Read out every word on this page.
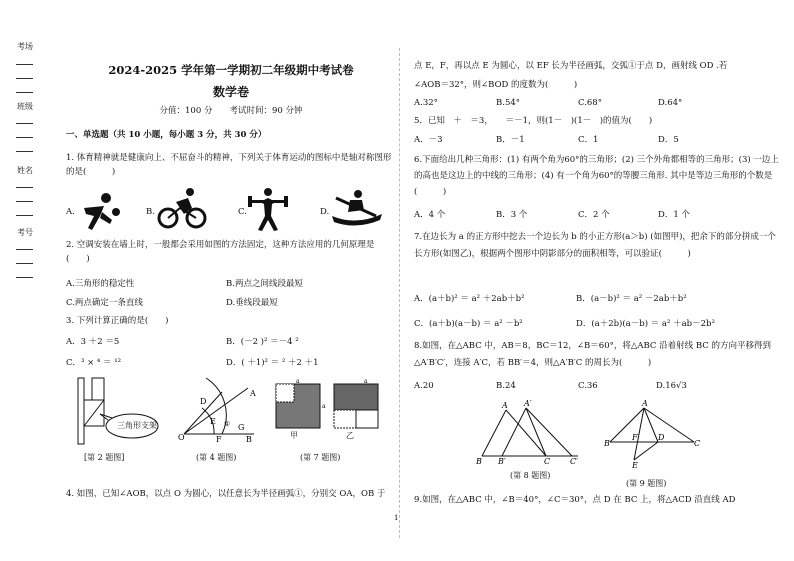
考场
班级
姓名
考号
2024-2025 学年第一学期初二年级期中考试卷
数学卷
分值：100 分　　考试时间：90 分钟
一、单选题（共 10 小题，每小题 3 分，共 30 分）
1. 体育精神就是健康向上、不屈奋斗的精神，下列关于体育运动的图标中是轴对称图形的是(　　　)
A.	B.	C.	D.
2. 空调安装在墙上时，一般都会采用如图的方法固定，这种方法应用的几何原理是(　　)
A.三角形的稳定性	B.两点之间线段最短
C.两点确定一条直线	D.垂线段最短
3. 下列计算正确的是(　　)
A．3 ＋2 ＝5	B．(－2 )² ＝－4 ²
C．³ × ⁴ ＝ ¹²	D．( ＋1)² ＝ ² ＋2 ＋1
三角形支架
[第 2 题图]
O
A
D
E ①
F
G
B
(第 4 题图)
a
a
a
甲	乙
(第 7 题图)
4. 如图，已知∠AOB，以点 O 为圆心，以任意长为半径画弧①，分别交 OA，OB 于
点 E，F，再以点 E 为圆心，以 EF 长为半径画弧，交弧①于点 D，画射线 OD .若
∠AOB＝32°，则∠BOD 的度数为(　　　)
A.32°	B.54°	C.68°	D.64°
5．已知　＋　＝3，　　＝－1，则(1－　)(1－　)的值为(　　)
A．－3	B．－1	C．1	D．5
6.下面给出几种三角形：(1) 有两个角为60°的三角形；(2) 三个外角都相等的三角形；(3) 一边上的高也是这边上的中线的三角形；(4) 有一个角为60°的等腰三角形. 其中是等边三角形的个数是(　　　)
A．4 个	B．3 个	C．2 个	D．1 个
7.在边长为 a 的正方形中挖去一个边长为 b 的小正方形(a＞b) (如图甲)，把余下的部分拼成一个长方形(如图乙)，根据两个图形中阴影部分的面积相等，可以验证(　　　)
A．(a＋b)² ＝ a² ＋2ab＋b²	B．(a－b)² ＝ a² －2ab＋b²
C．(a＋b)(a－b) ＝ a² －b²	D．(a＋2b)(a－b) ＝ a² ＋ab－2b²
8.如图，在△ABC 中，AB＝8，BC＝12，∠B＝60°，将△ABC 沿着射线 BC 的方向平移得到△A′B′C′，连接 A′C，若 BB′＝4，则△A′B′C 的周长为(　　　)
A.20	B.24	C.36	D.16√3
A A′
B B′	C C′
(第 8 题图)
A
B	C
F	D
E
(第 9 题图)
9.如图，在△ABC 中，∠B＝40°，∠C＝30°，点 D 在 BC 上，将△ACD 沿直线 AD
1
